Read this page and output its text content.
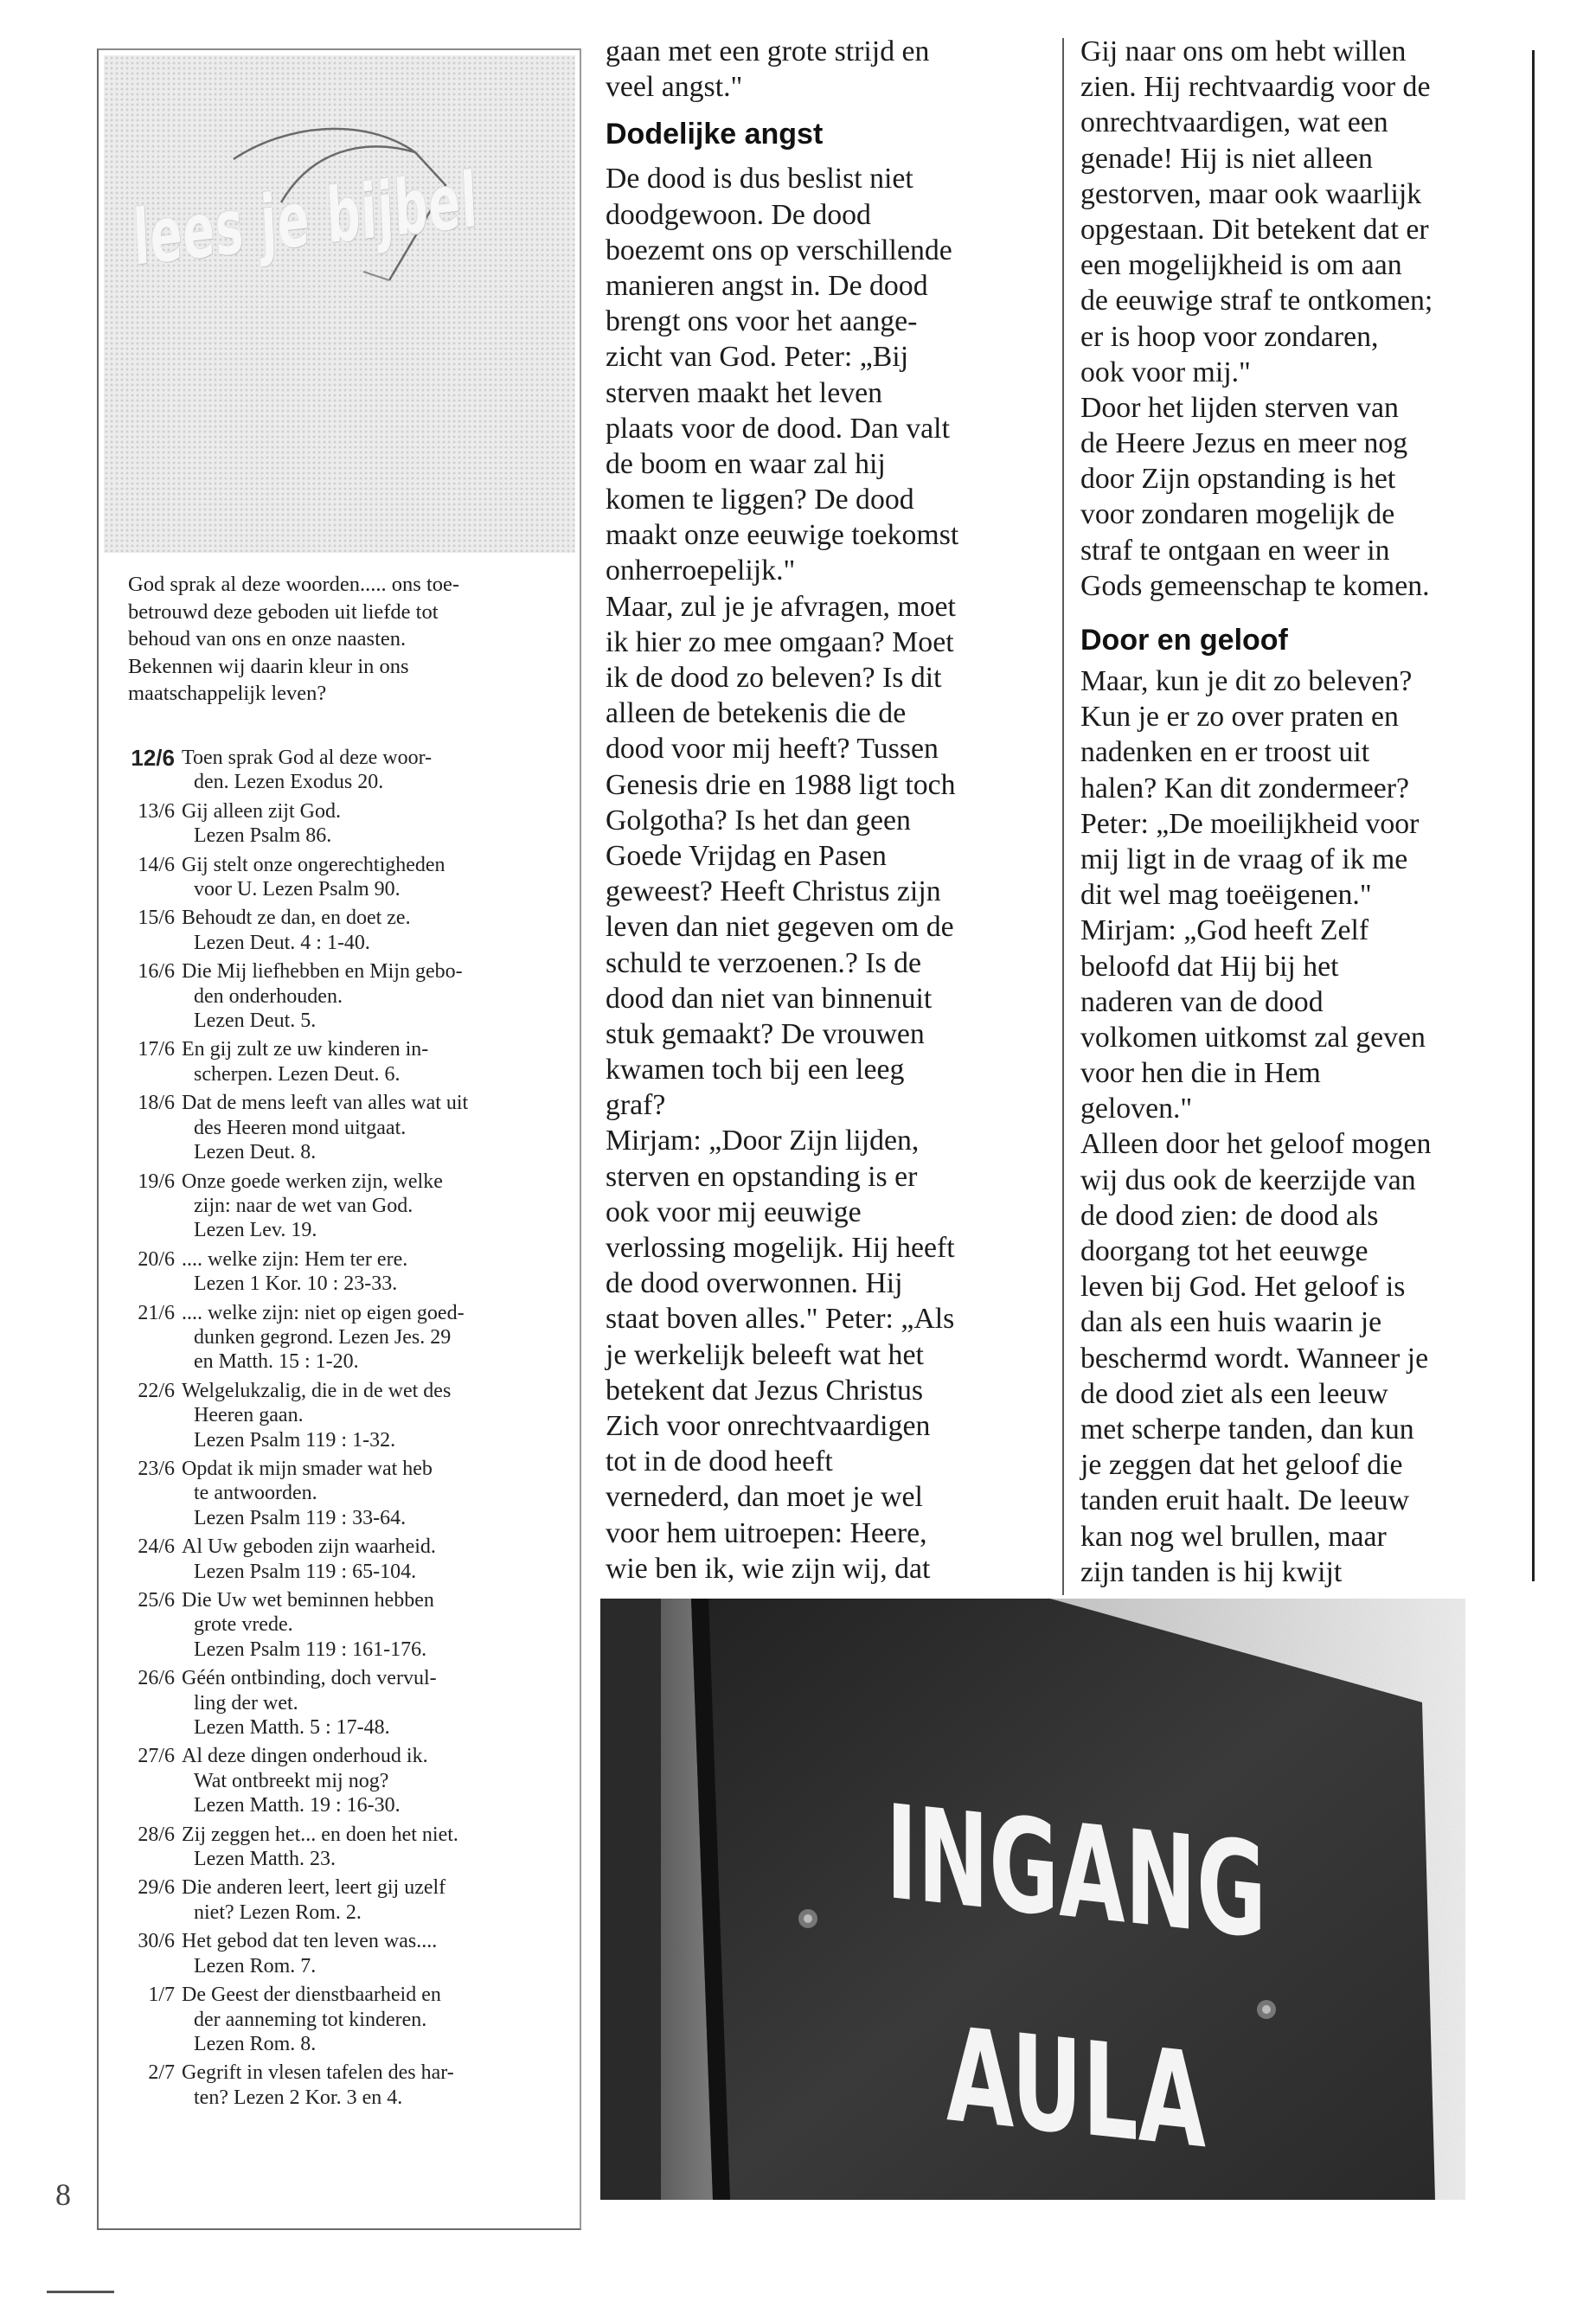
lees je bijbel
God sprak al deze woorden..... ons toe-
betrouwd deze geboden uit liefde tot
behoud van ons en onze naasten.
Bekennen wij daarin kleur in ons
maatschappelijk leven?
12/6 Toen sprak God al deze woor-
den. Lezen Exodus 20.
13/6 Gij alleen zijt God.
Lezen Psalm 86.
14/6 Gij stelt onze ongerechtigheden
voor U. Lezen Psalm 90.
15/6 Behoudt ze dan, en doet ze.
Lezen Deut. 4 : 1-40.
16/6 Die Mij liefhebben en Mijn gebo-
den onderhouden.
Lezen Deut. 5.
17/6 En gij zult ze uw kinderen in-
scherpen. Lezen Deut. 6.
18/6 Dat de mens leeft van alles wat uit
des Heeren mond uitgaat.
Lezen Deut. 8.
19/6 Onze goede werken zijn, welke
zijn: naar de wet van God.
Lezen Lev. 19.
20/6 .... welke zijn: Hem ter ere.
Lezen 1 Kor. 10 : 23-33.
21/6 .... welke zijn: niet op eigen goed-
dunken gegrond. Lezen Jes. 29
en Matth. 15 : 1-20.
22/6 Welgelukzalig, die in de wet des
Heeren gaan.
Lezen Psalm 119 : 1-32.
23/6 Opdat ik mijn smader wat heb
te antwoorden.
Lezen Psalm 119 : 33-64.
24/6 Al Uw geboden zijn waarheid.
Lezen Psalm 119 : 65-104.
25/6 Die Uw wet beminnen hebben
grote vrede.
Lezen Psalm 119 : 161-176.
26/6 Géén ontbinding, doch vervul-
ling der wet.
Lezen Matth. 5 : 17-48.
27/6 Al deze dingen onderhoud ik.
Wat ontbreekt mij nog?
Lezen Matth. 19 : 16-30.
28/6 Zij zeggen het... en doen het niet.
Lezen Matth. 23.
29/6 Die anderen leert, leert gij uzelf
niet? Lezen Rom. 2.
30/6 Het gebod dat ten leven was....
Lezen Rom. 7.
1/7 De Geest der dienstbaarheid en
der aanneming tot kinderen.
Lezen Rom. 8.
2/7 Gegrift in vlesen tafelen des har-
ten? Lezen 2 Kor. 3 en 4.
8
gaan met een grote strijd en
veel angst."
Dodelijke angst
De dood is dus beslist niet
doodgewoon. De dood
boezemt ons op verschillende
manieren angst in. De dood
brengt ons voor het aange-
zicht van God. Peter: „Bij
sterven maakt het leven
plaats voor de dood. Dan valt
de boom en waar zal hij
komen te liggen? De dood
maakt onze eeuwige toekomst
onherroepelijk."
Maar, zul je je afvragen, moet
ik hier zo mee omgaan? Moet
ik de dood zo beleven? Is dit
alleen de betekenis die de
dood voor mij heeft? Tussen
Genesis drie en 1988 ligt toch
Golgotha? Is het dan geen
Goede Vrijdag en Pasen
geweest? Heeft Christus zijn
leven dan niet gegeven om de
schuld te verzoenen.? Is de
dood dan niet van binnenuit
stuk gemaakt? De vrouwen
kwamen toch bij een leeg
graf?
Mirjam: „Door Zijn lijden,
sterven en opstanding is er
ook voor mij eeuwige
verlossing mogelijk. Hij heeft
de dood overwonnen. Hij
staat boven alles." Peter: „Als
je werkelijk beleeft wat het
betekent dat Jezus Christus
Zich voor onrechtvaardigen
tot in de dood heeft
vernederd, dan moet je wel
voor hem uitroepen: Heere,
wie ben ik, wie zijn wij, dat
Gij naar ons om hebt willen
zien. Hij rechtvaardig voor de
onrechtvaardigen, wat een
genade! Hij is niet alleen
gestorven, maar ook waarlijk
opgestaan. Dit betekent dat er
een mogelijkheid is om aan
de eeuwige straf te ontkomen;
er is hoop voor zondaren,
ook voor mij."
Door het lijden sterven van
de Heere Jezus en meer nog
door Zijn opstanding is het
voor zondaren mogelijk de
straf te ontgaan en weer in
Gods gemeenschap te komen.
Door en geloof
Maar, kun je dit zo beleven?
Kun je er zo over praten en
nadenken en er troost uit
halen? Kan dit zondermeer?
Peter: „De moeilijkheid voor
mij ligt in de vraag of ik me
dit wel mag toeëigenen."
Mirjam: „God heeft Zelf
beloofd dat Hij bij het
naderen van de dood
volkomen uitkomst zal geven
voor hen die in Hem
geloven."
Alleen door het geloof mogen
wij dus ook de keerzijde van
de dood zien: de dood als
doorgang tot het eeuwge
leven bij God. Het geloof is
dan als een huis waarin je
beschermd wordt. Wanneer je
de dood ziet als een leeuw
met scherpe tanden, dan kun
je zeggen dat het geloof die
tanden eruit haalt. De leeuw
kan nog wel brullen, maar
zijn tanden is hij kwijt
INGANG
AULA
